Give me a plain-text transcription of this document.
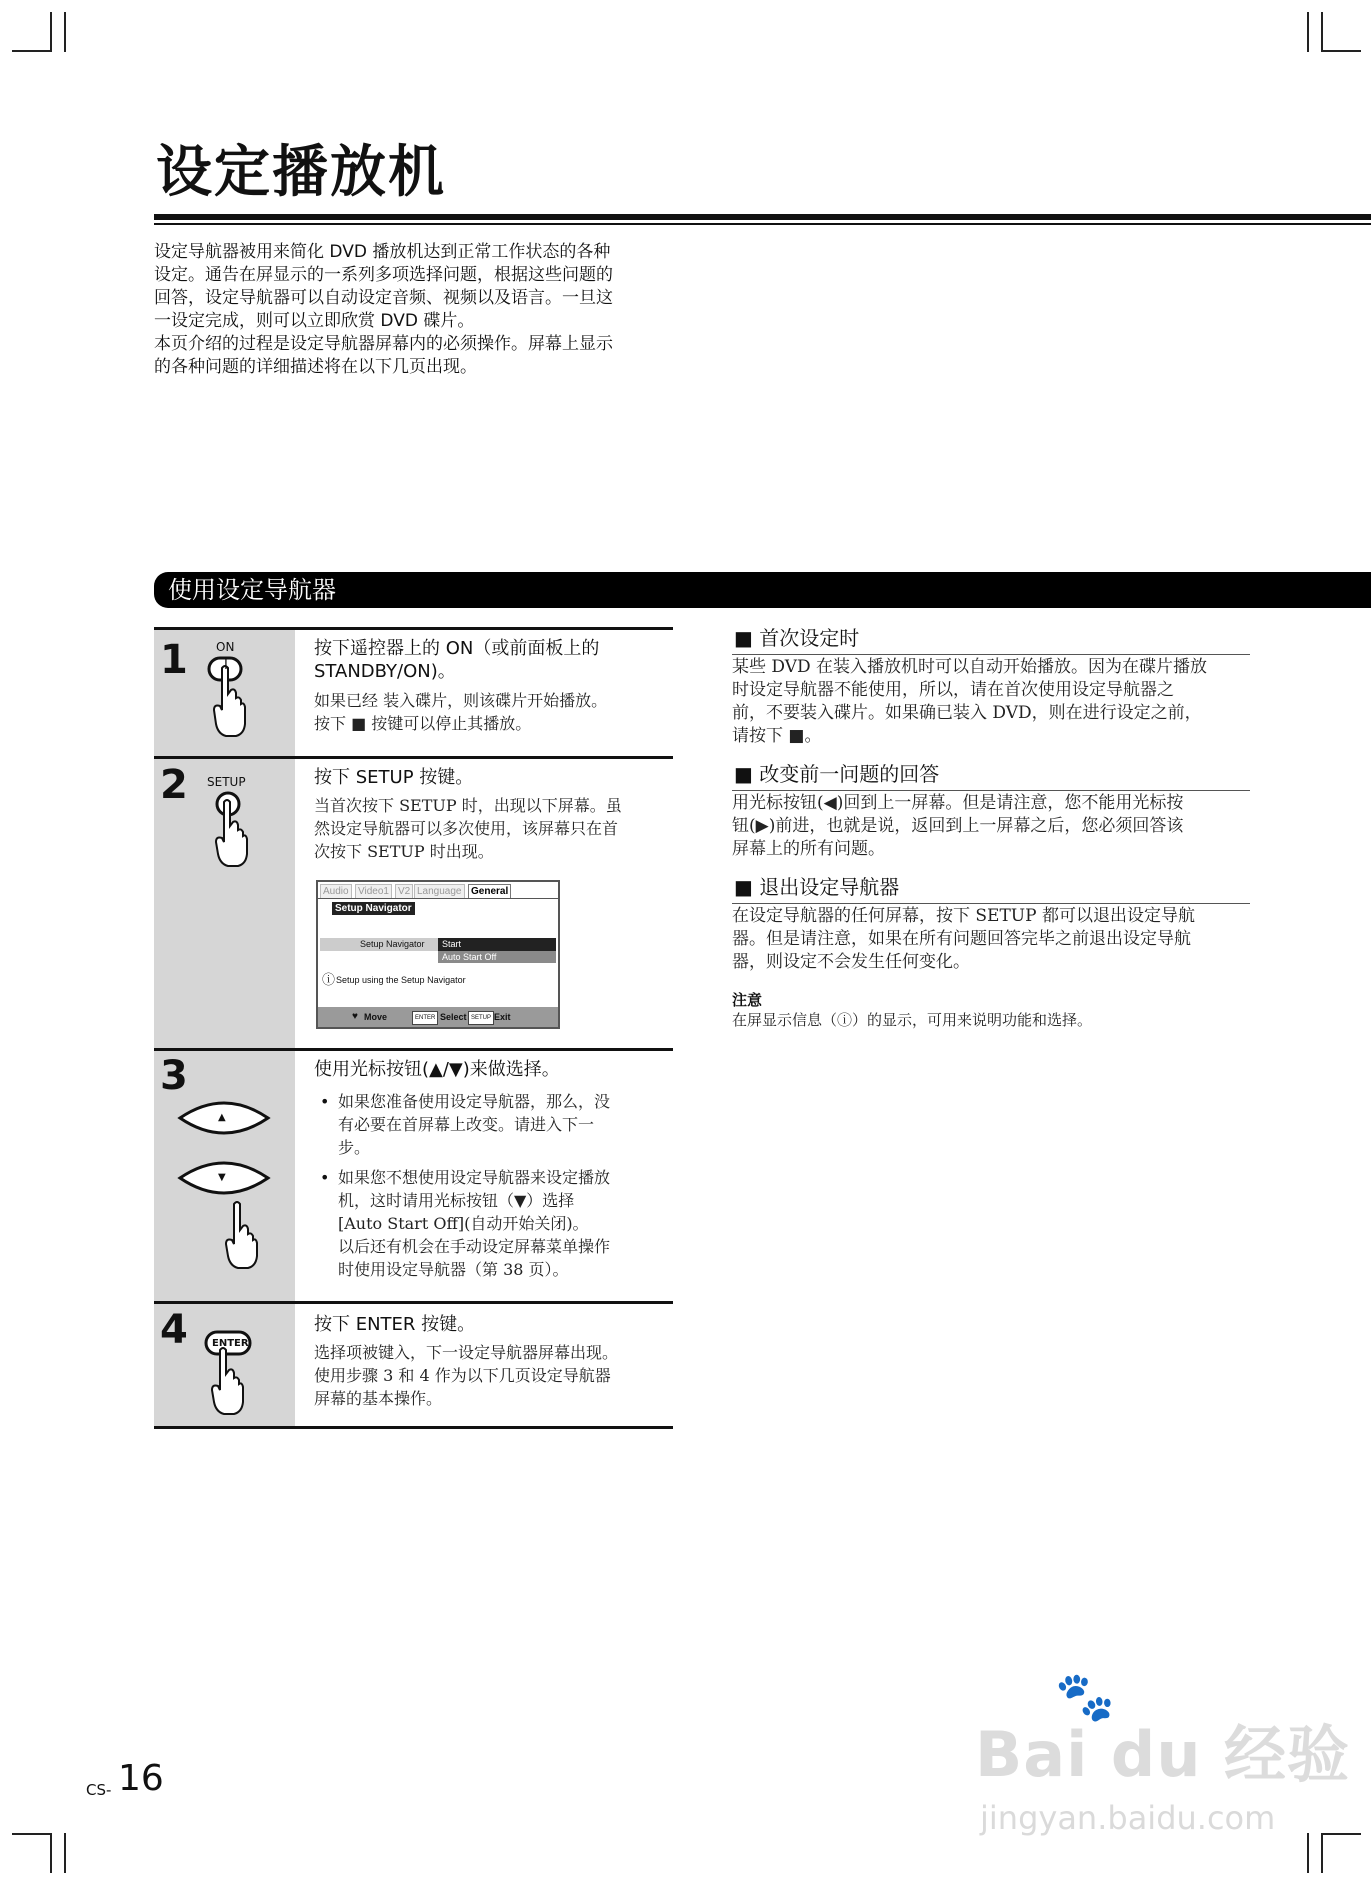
设定播放机
设定导航器被用来简化 DVD 播放机达到正常工作状态的各种
设定。通告在屏显示的一系列多项选择问题，根据这些问题的
回答，设定导航器可以自动设定音频、视频以及语言。一旦这
一设定完成，则可以立即欣赏 DVD 碟片。
本页介绍的过程是设定导航器屏幕内的必须操作。屏幕上显示
的各种问题的详细描述将在以下几页出现。
使用设定导航器
1 ON
I
按下遥控器上的 ON（或前面板上的
STANDBY/ON)。
如果已经 装入碟片，则该碟片开始播放。
按下 ■ 按键可以停止其播放。
2 SETUP	按下 SETUP 按键。
当首次按下 SETUP 时，出现以下屏幕。虽
然设定导航器可以多次使用，该屏幕只在首
次按下 SETUP 时出现。
Audio Video1 V2 Language General
Setup Navigator
Setup Navigator	Start
Auto Start Off
ⓘ Setup using the Setup Navigator
♥ Move	ENTER Select SETUP Exit
3
▲
▼
使用光标按钮(▲/▼)来做选择。
• 如果您准备使用设定导航器，那么，没
有必要在首屏幕上改变。请进入下一
步。
• 如果您不想使用设定导航器来设定播放
机，这时请用光标按钮（▼）选择
[Auto Start Off](自动开始关闭)。
以后还有机会在手动设定屏幕菜单操作
时使用设定导航器（第 38 页）。
4 ENTER
按下 ENTER 按键。
选择项被键入，下一设定导航器屏幕出现。
使用步骤 3 和 4 作为以下几页设定导航器
屏幕的基本操作。
■ 首次设定时
某些 DVD 在装入播放机时可以自动开始播放。因为在碟片播放
时设定导航器不能使用，所以，请在首次使用设定导航器之
前，不要装入碟片。如果确已装入 DVD，则在进行设定之前，
请按下 ■。
■ 改变前一问题的回答
用光标按钮(◀)回到上一屏幕。但是请注意，您不能用光标按
钮(▶)前进，也就是说，返回到上一屏幕之后，您必须回答该
屏幕上的所有问题。
■ 退出设定导航器
在设定导航器的任何屏幕，按下 SETUP 都可以退出设定导航
器。但是请注意，如果在所有问题回答完毕之前退出设定导航
器，则设定不会发生任何变化。
注意
在屏显示信息（ⓘ）的显示，可用来说明功能和选择。
CS- 16	Bai du 经验
🐾
jingyan.baidu.com
